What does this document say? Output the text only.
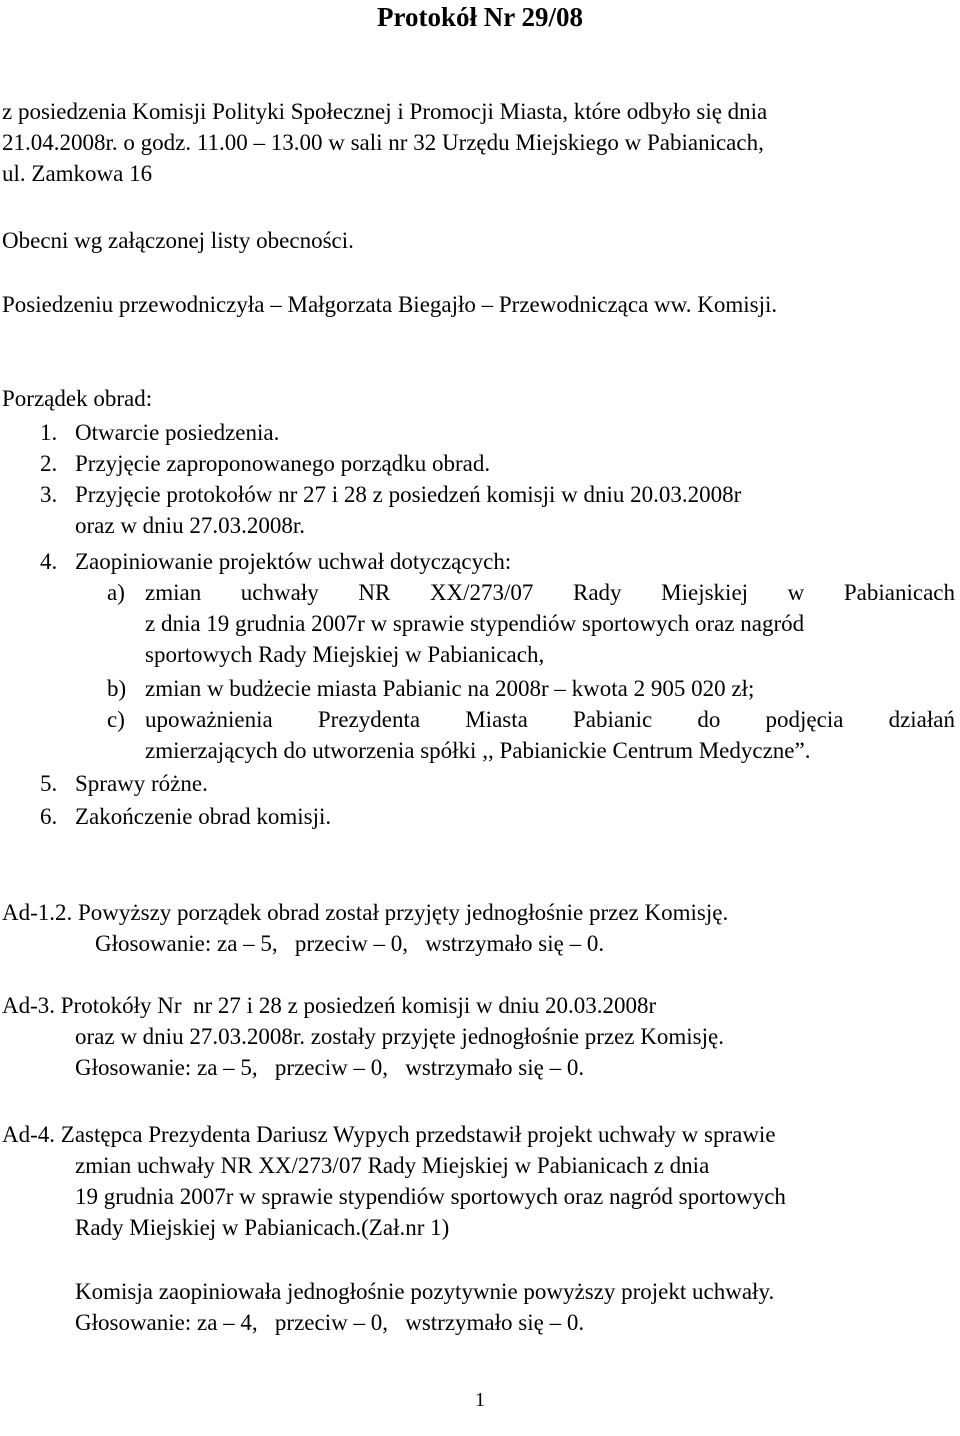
Protokół Nr 29/08
z posiedzenia Komisji Polityki Społecznej i Promocji Miasta, które odbyło się dnia
21.04.2008r. o godz. 11.00 – 13.00 w sali nr 32 Urzędu Miejskiego w Pabianicach,
ul. Zamkowa 16
Obecni wg załączonej listy obecności.
Posiedzeniu przewodniczyła – Małgorzata Biegajło – Przewodnicząca ww. Komisji.
Porządek obrad:
1. Otwarcie posiedzenia.
2. Przyjęcie zaproponowanego porządku obrad.
3. Przyjęcie protokołów nr 27 i 28 z posiedzeń komisji w dniu 20.03.2008r
oraz w dniu 27.03.2008r.
4. Zaopiniowanie projektów uchwał dotyczących:
a) zmian uchwały NR XX/273/07 Rady Miejskiej w Pabianicach
z dnia 19 grudnia 2007r w sprawie stypendiów sportowych oraz nagród
sportowych Rady Miejskiej w Pabianicach,
b) zmian w budżecie miasta Pabianic na 2008r – kwota 2 905 020 zł;
c) upoważnienia Prezydenta Miasta Pabianic do podjęcia działań
zmierzających do utworzenia spółki ,, Pabianickie Centrum Medyczne”.
5. Sprawy różne.
6. Zakończenie obrad komisji.
Ad-1.2. Powyższy porządek obrad został przyjęty jednogłośnie przez Komisję.
Głosowanie: za – 5,   przeciw – 0,   wstrzymało się – 0.
Ad-3. Protokóły Nr  nr 27 i 28 z posiedzeń komisji w dniu 20.03.2008r
oraz w dniu 27.03.2008r. zostały przyjęte jednogłośnie przez Komisję.
Głosowanie: za – 5,   przeciw – 0,   wstrzymało się – 0.
Ad-4. Zastępca Prezydenta Dariusz Wypych przedstawił projekt uchwały w sprawie
zmian uchwały NR XX/273/07 Rady Miejskiej w Pabianicach z dnia
19 grudnia 2007r w sprawie stypendiów sportowych oraz nagród sportowych
Rady Miejskiej w Pabianicach.(Zał.nr 1)
Komisja zaopiniowała jednogłośnie pozytywnie powyższy projekt uchwały.
Głosowanie: za – 4,   przeciw – 0,   wstrzymało się – 0.
1
